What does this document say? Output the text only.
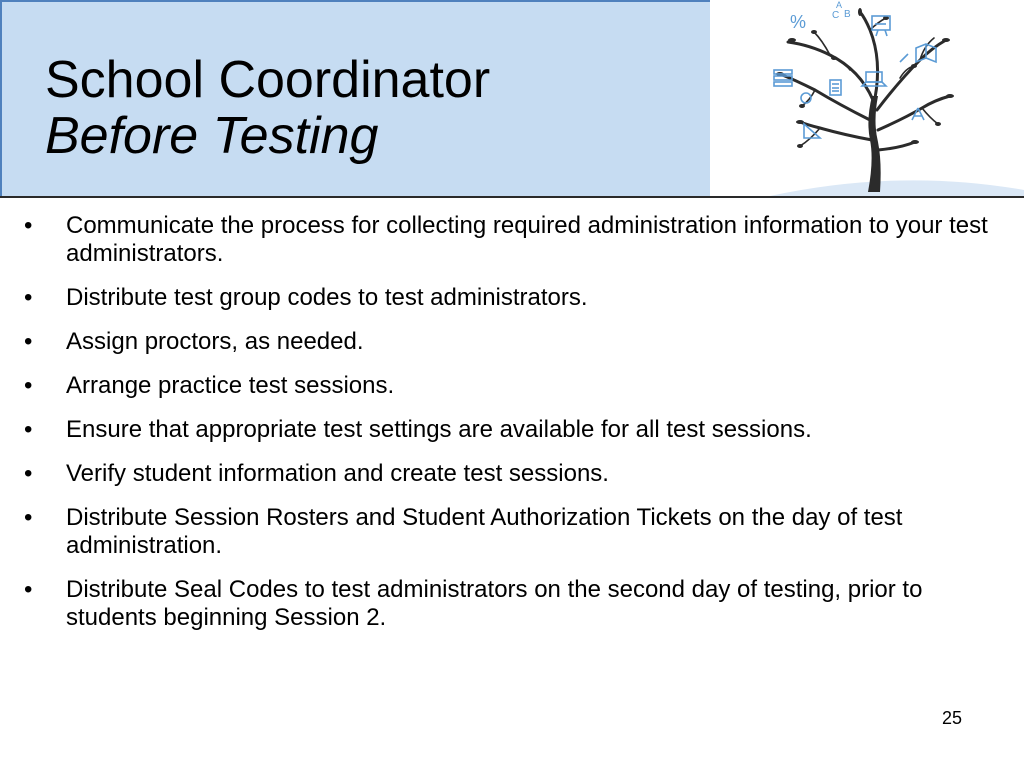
School Coordinator
Before Testing
%
A
C B
•	Communicate the process for collecting required administration information to your test administrators.
•	Distribute test group codes to test administrators.
•	Assign proctors, as needed.
•	Arrange practice test sessions.
•	Ensure that appropriate test settings are available for all test sessions.
•	Verify student information and create test sessions.
•	Distribute Session Rosters and Student Authorization Tickets on the day of test administration.
•	Distribute Seal Codes to test administrators on the second day of testing, prior to students beginning Session 2.
25
